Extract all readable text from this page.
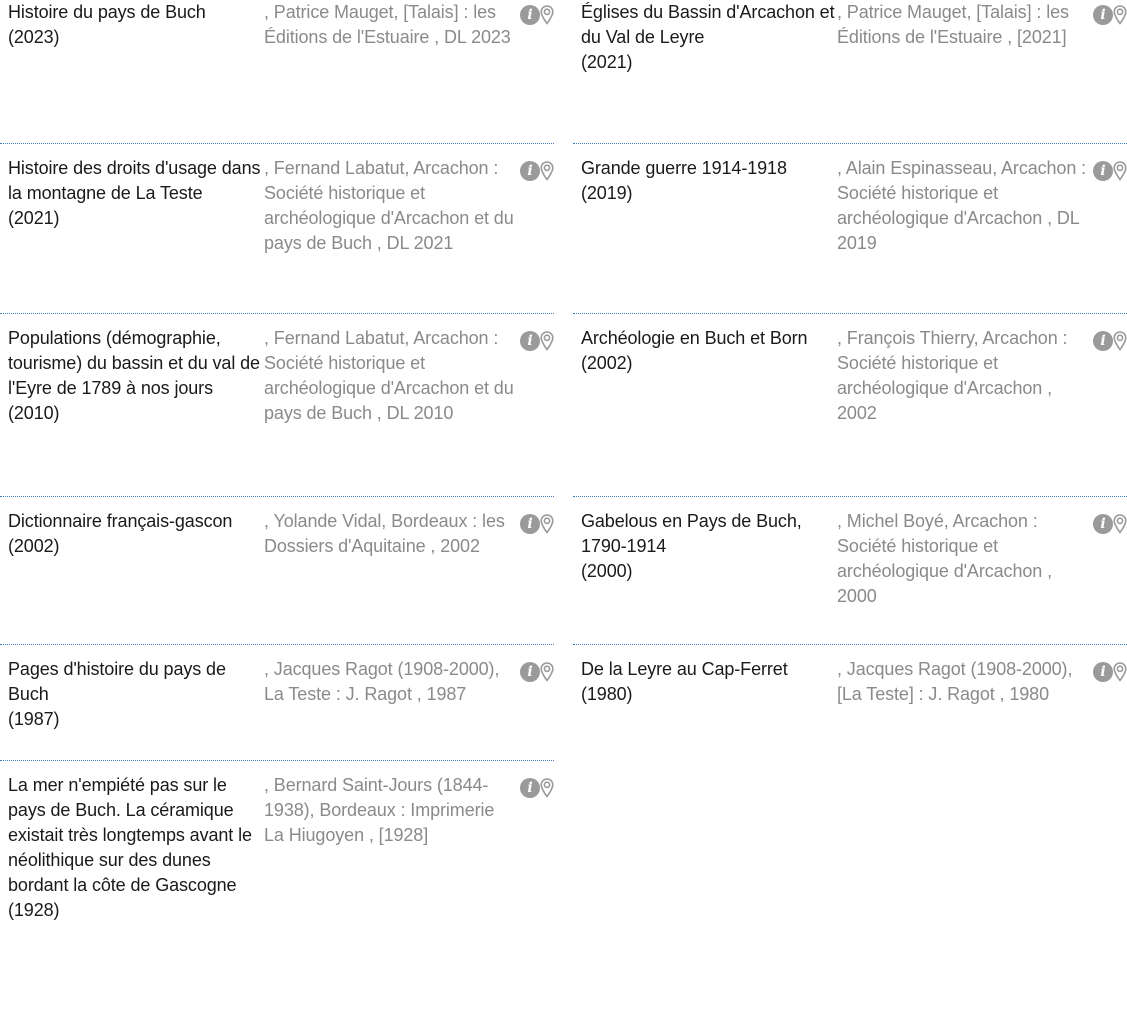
Histoire du pays de Buch
(2023)
, Patrice Mauget, [Talais] : les Éditions de l'Estuaire , DL 2023
i
Histoire des droits d'usage dans la montagne de La Teste
(2021)
, Fernand Labatut, Arcachon : Société historique et archéologique d'Arcachon et du pays de Buch , DL 2021
i
Populations (démographie, tourisme) du bassin et du val de l'Eyre de 1789 à nos jours
(2010)
, Fernand Labatut, Arcachon : Société historique et archéologique d'Arcachon et du pays de Buch , DL 2010
i
Dictionnaire français-gascon
(2002)
, Yolande Vidal, Bordeaux : les Dossiers d'Aquitaine , 2002
i
Pages d'histoire du pays de Buch
(1987)
, Jacques Ragot (1908-2000), La Teste : J. Ragot , 1987
i
La mer n'empiété pas sur le pays de Buch. La céramique existait très longtemps avant le néolithique sur des dunes bordant la côte de Gascogne
(1928)
, Bernard Saint-Jours (1844-1938), Bordeaux : Imprimerie La Hiugoyen , [1928]
i
Églises du Bassin d'Arcachon et du Val de Leyre
(2021)
, Patrice Mauget, [Talais] : les Éditions de l'Estuaire , [2021]
i
Grande guerre 1914-1918
(2019)
, Alain Espinasseau, Arcachon : Société historique et archéologique d'Arcachon , DL 2019
i
Archéologie en Buch et Born
(2002)
, François Thierry, Arcachon : Société historique et archéologique d'Arcachon , 2002
i
Gabelous en Pays de Buch, 1790-1914
(2000)
, Michel Boyé, Arcachon : Société historique et archéologique d'Arcachon , 2000
i
De la Leyre au Cap-Ferret
(1980)
, Jacques Ragot (1908-2000), [La Teste] : J. Ragot , 1980
i
